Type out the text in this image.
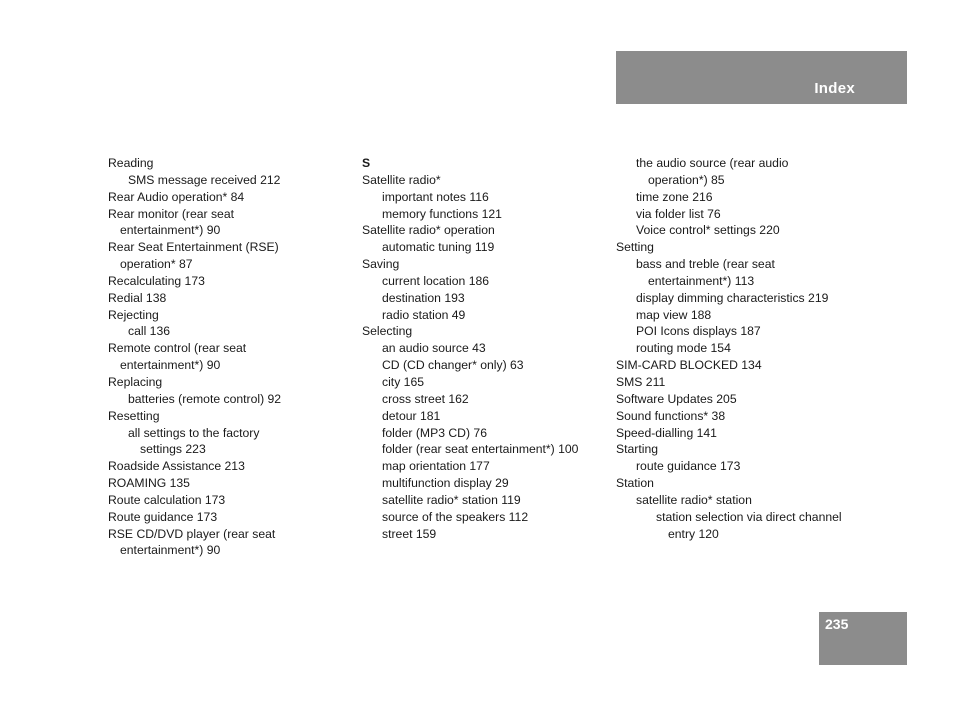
Index
Reading
SMS message received 212
Rear Audio operation* 84
Rear monitor (rear seat
entertainment*) 90
Rear Seat Entertainment (RSE)
operation* 87
Recalculating 173
Redial 138
Rejecting
call 136
Remote control (rear seat
entertainment*) 90
Replacing
batteries (remote control) 92
Resetting
all settings to the factory
settings 223
Roadside Assistance 213
ROAMING 135
Route calculation 173
Route guidance 173
RSE CD/DVD player (rear seat
entertainment*) 90
S
Satellite radio*
important notes 116
memory functions 121
Satellite radio* operation
automatic tuning 119
Saving
current location 186
destination 193
radio station 49
Selecting
an audio source 43
CD (CD changer* only) 63
city 165
cross street 162
detour 181
folder (MP3 CD) 76
folder (rear seat entertainment*) 100
map orientation 177
multifunction display 29
satellite radio* station 119
source of the speakers 112
street 159
the audio source (rear audio
operation*) 85
time zone 216
via folder list 76
Voice control* settings 220
Setting
bass and treble (rear seat
entertainment*) 113
display dimming characteristics 219
map view 188
POI Icons displays 187
routing mode 154
SIM-CARD BLOCKED 134
SMS 211
Software Updates 205
Sound functions* 38
Speed-dialling 141
Starting
route guidance 173
Station
satellite radio* station
station selection via direct channel
entry 120
235
